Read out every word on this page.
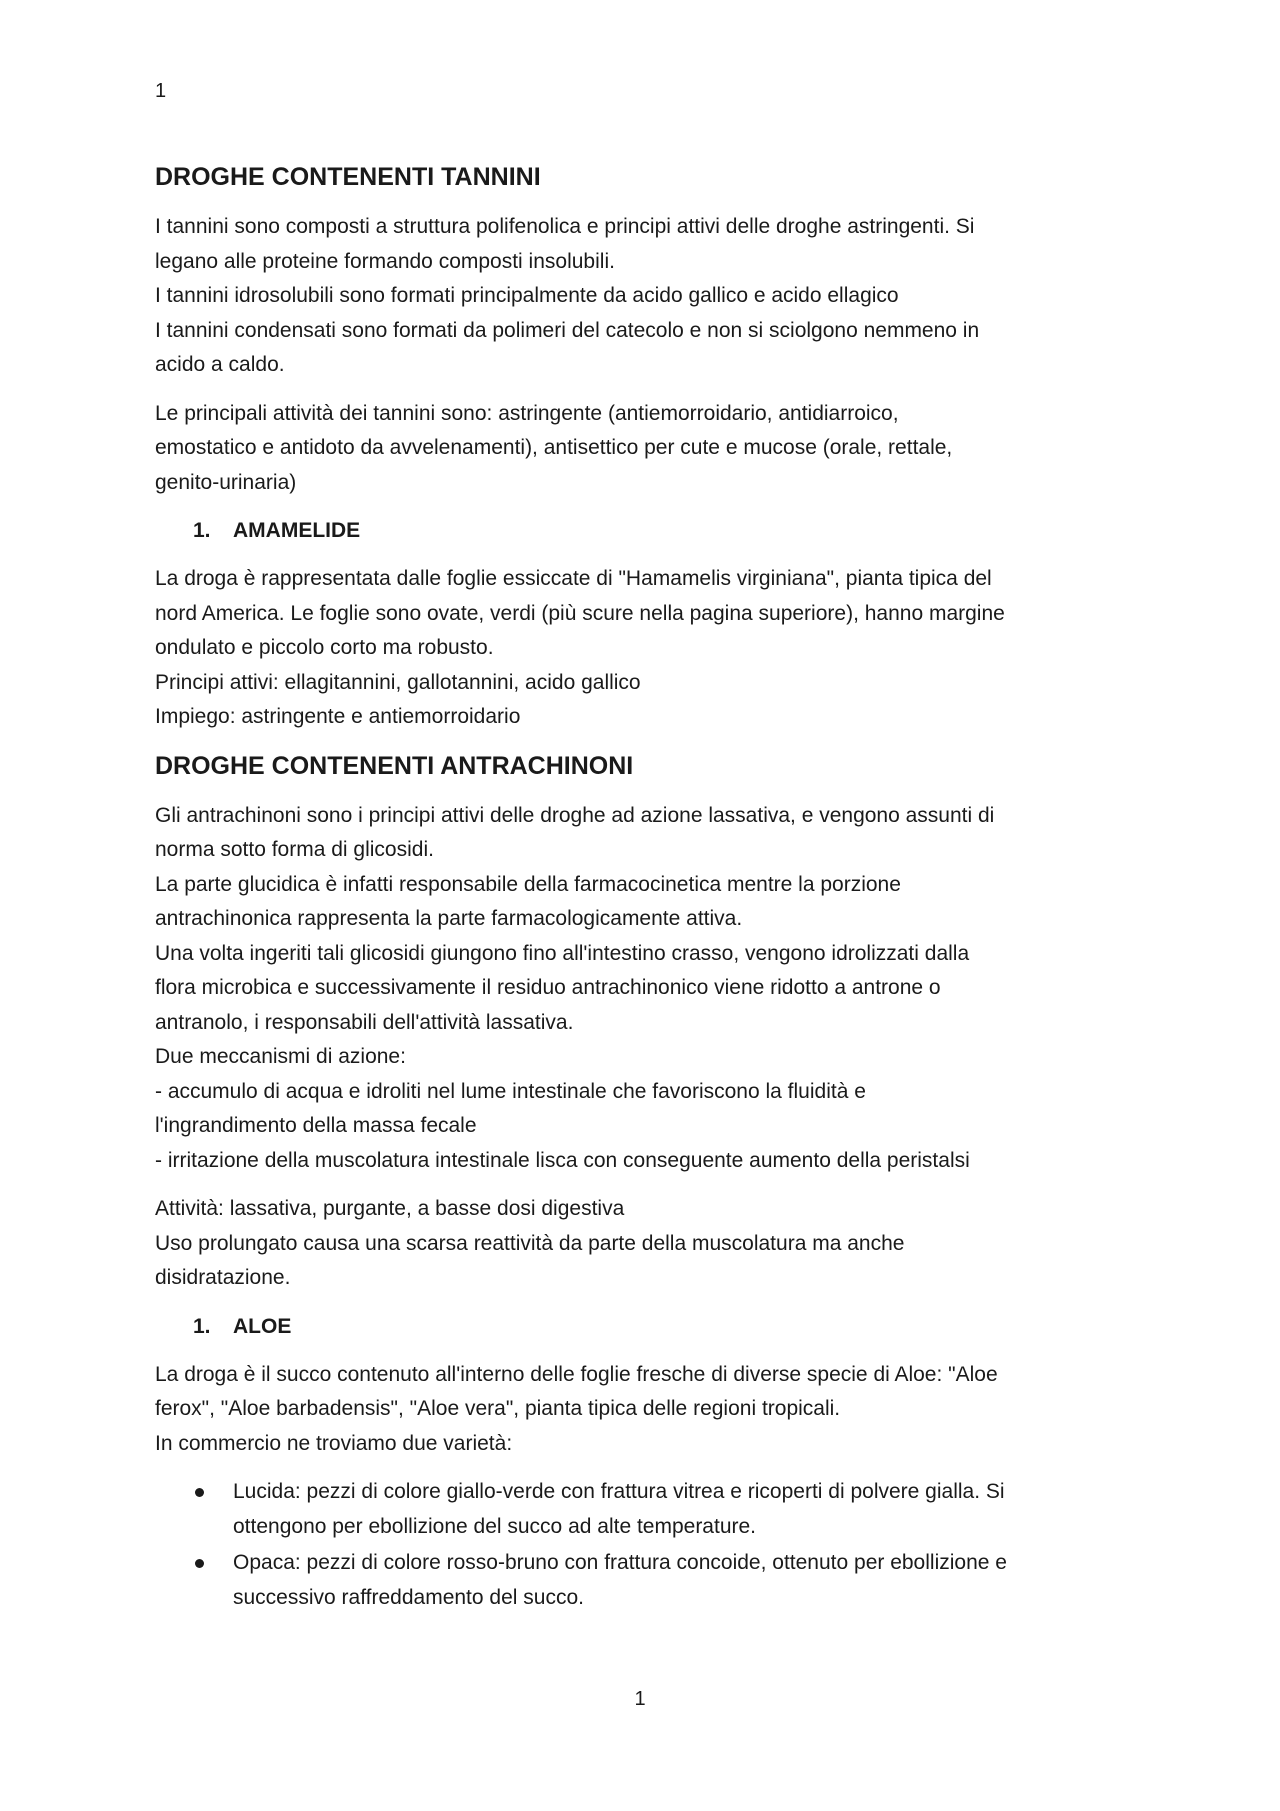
1
DROGHE CONTENENTI TANNINI

I tannini sono composti a struttura polifenolica e principi attivi delle droghe astringenti. Si
legano alle proteine formando composti insolubili.
I tannini idrosolubili sono formati principalmente da acido gallico e acido ellagico
I tannini condensati sono formati da polimeri del catecolo e non si sciolgono nemmeno in
acido a caldo.

Le principali attività dei tannini sono: astringente (antiemorroidario, antidiarroico,
emostatico e antidoto da avvelenamenti), antisettico per cute e mucose (orale, rettale,
genito-urinaria)

1. AMAMELIDE

La droga è rappresentata dalle foglie essiccate di "Hamamelis virginiana", pianta tipica del
nord America. Le foglie sono ovate, verdi (più scure nella pagina superiore), hanno margine
ondulato e piccolo corto ma robusto.
Principi attivi: ellagitannini, gallotannini, acido gallico
Impiego: astringente e antiemorroidario

DROGHE CONTENENTI ANTRACHINONI

Gli antrachinoni sono i principi attivi delle droghe ad azione lassativa, e vengono assunti di
norma sotto forma di glicosidi.
La parte glucidica è infatti responsabile della farmacocinetica mentre la porzione
antrachinonica rappresenta la parte farmacologicamente attiva.
Una volta ingeriti tali glicosidi giungono fino all'intestino crasso, vengono idrolizzati dalla
flora microbica e successivamente il residuo antrachinonico viene ridotto a antrone o
antranolo, i responsabili dell'attività lassativa.
Due meccanismi di azione:
- accumulo di acqua e idroliti nel lume intestinale che favoriscono la fluidità e
l'ingrandimento della massa fecale
- irritazione della muscolatura intestinale lisca con conseguente aumento della peristalsi

Attività: lassativa, purgante, a basse dosi digestiva
Uso prolungato causa una scarsa reattività da parte della muscolatura ma anche
disidratazione.

1. ALOE

La droga è il succo contenuto all'interno delle foglie fresche di diverse specie di Aloe: "Aloe
ferox", "Aloe barbadensis", "Aloe vera", pianta tipica delle regioni tropicali.
In commercio ne troviamo due varietà:

Lucida: pezzi di colore giallo-verde con frattura vitrea e ricoperti di polvere gialla. Si
ottengono per ebollizione del succo ad alte temperature.
Opaca: pezzi di colore rosso-bruno con frattura concoide, ottenuto per ebollizione e
successivo raffreddamento del succo.
1
